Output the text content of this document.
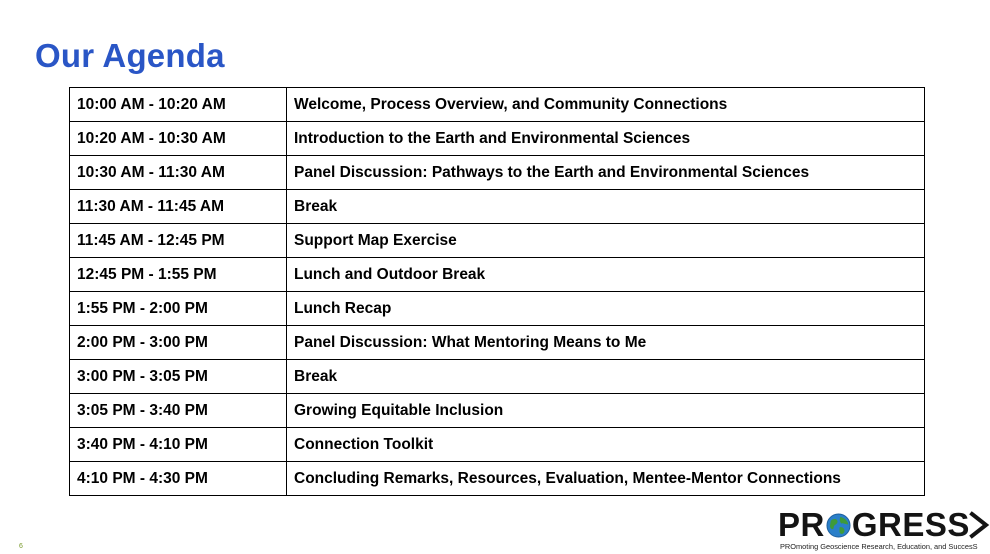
Our Agenda
10:00 AM - 10:20 AM	Welcome, Process Overview, and Community Connections
10:20 AM - 10:30 AM	Introduction to the Earth and Environmental Sciences
10:30 AM - 11:30 AM	Panel Discussion: Pathways to the Earth and Environmental Sciences
11:30 AM - 11:45 AM	Break
11:45 AM - 12:45 PM	Support Map Exercise
12:45 PM - 1:55 PM	Lunch and Outdoor Break
1:55 PM - 2:00 PM	Lunch Recap
2:00 PM - 3:00 PM	Panel Discussion: What Mentoring Means to Me
3:00 PM - 3:05 PM	Break
3:05 PM - 3:40 PM	Growing Equitable Inclusion
3:40 PM - 4:10 PM	Connection Toolkit
4:10 PM - 4:30 PM	Concluding Remarks, Resources, Evaluation, Mentee-Mentor Connections
6
PR GRESS
PROmoting Geoscience Research, Education, and SuccesS
